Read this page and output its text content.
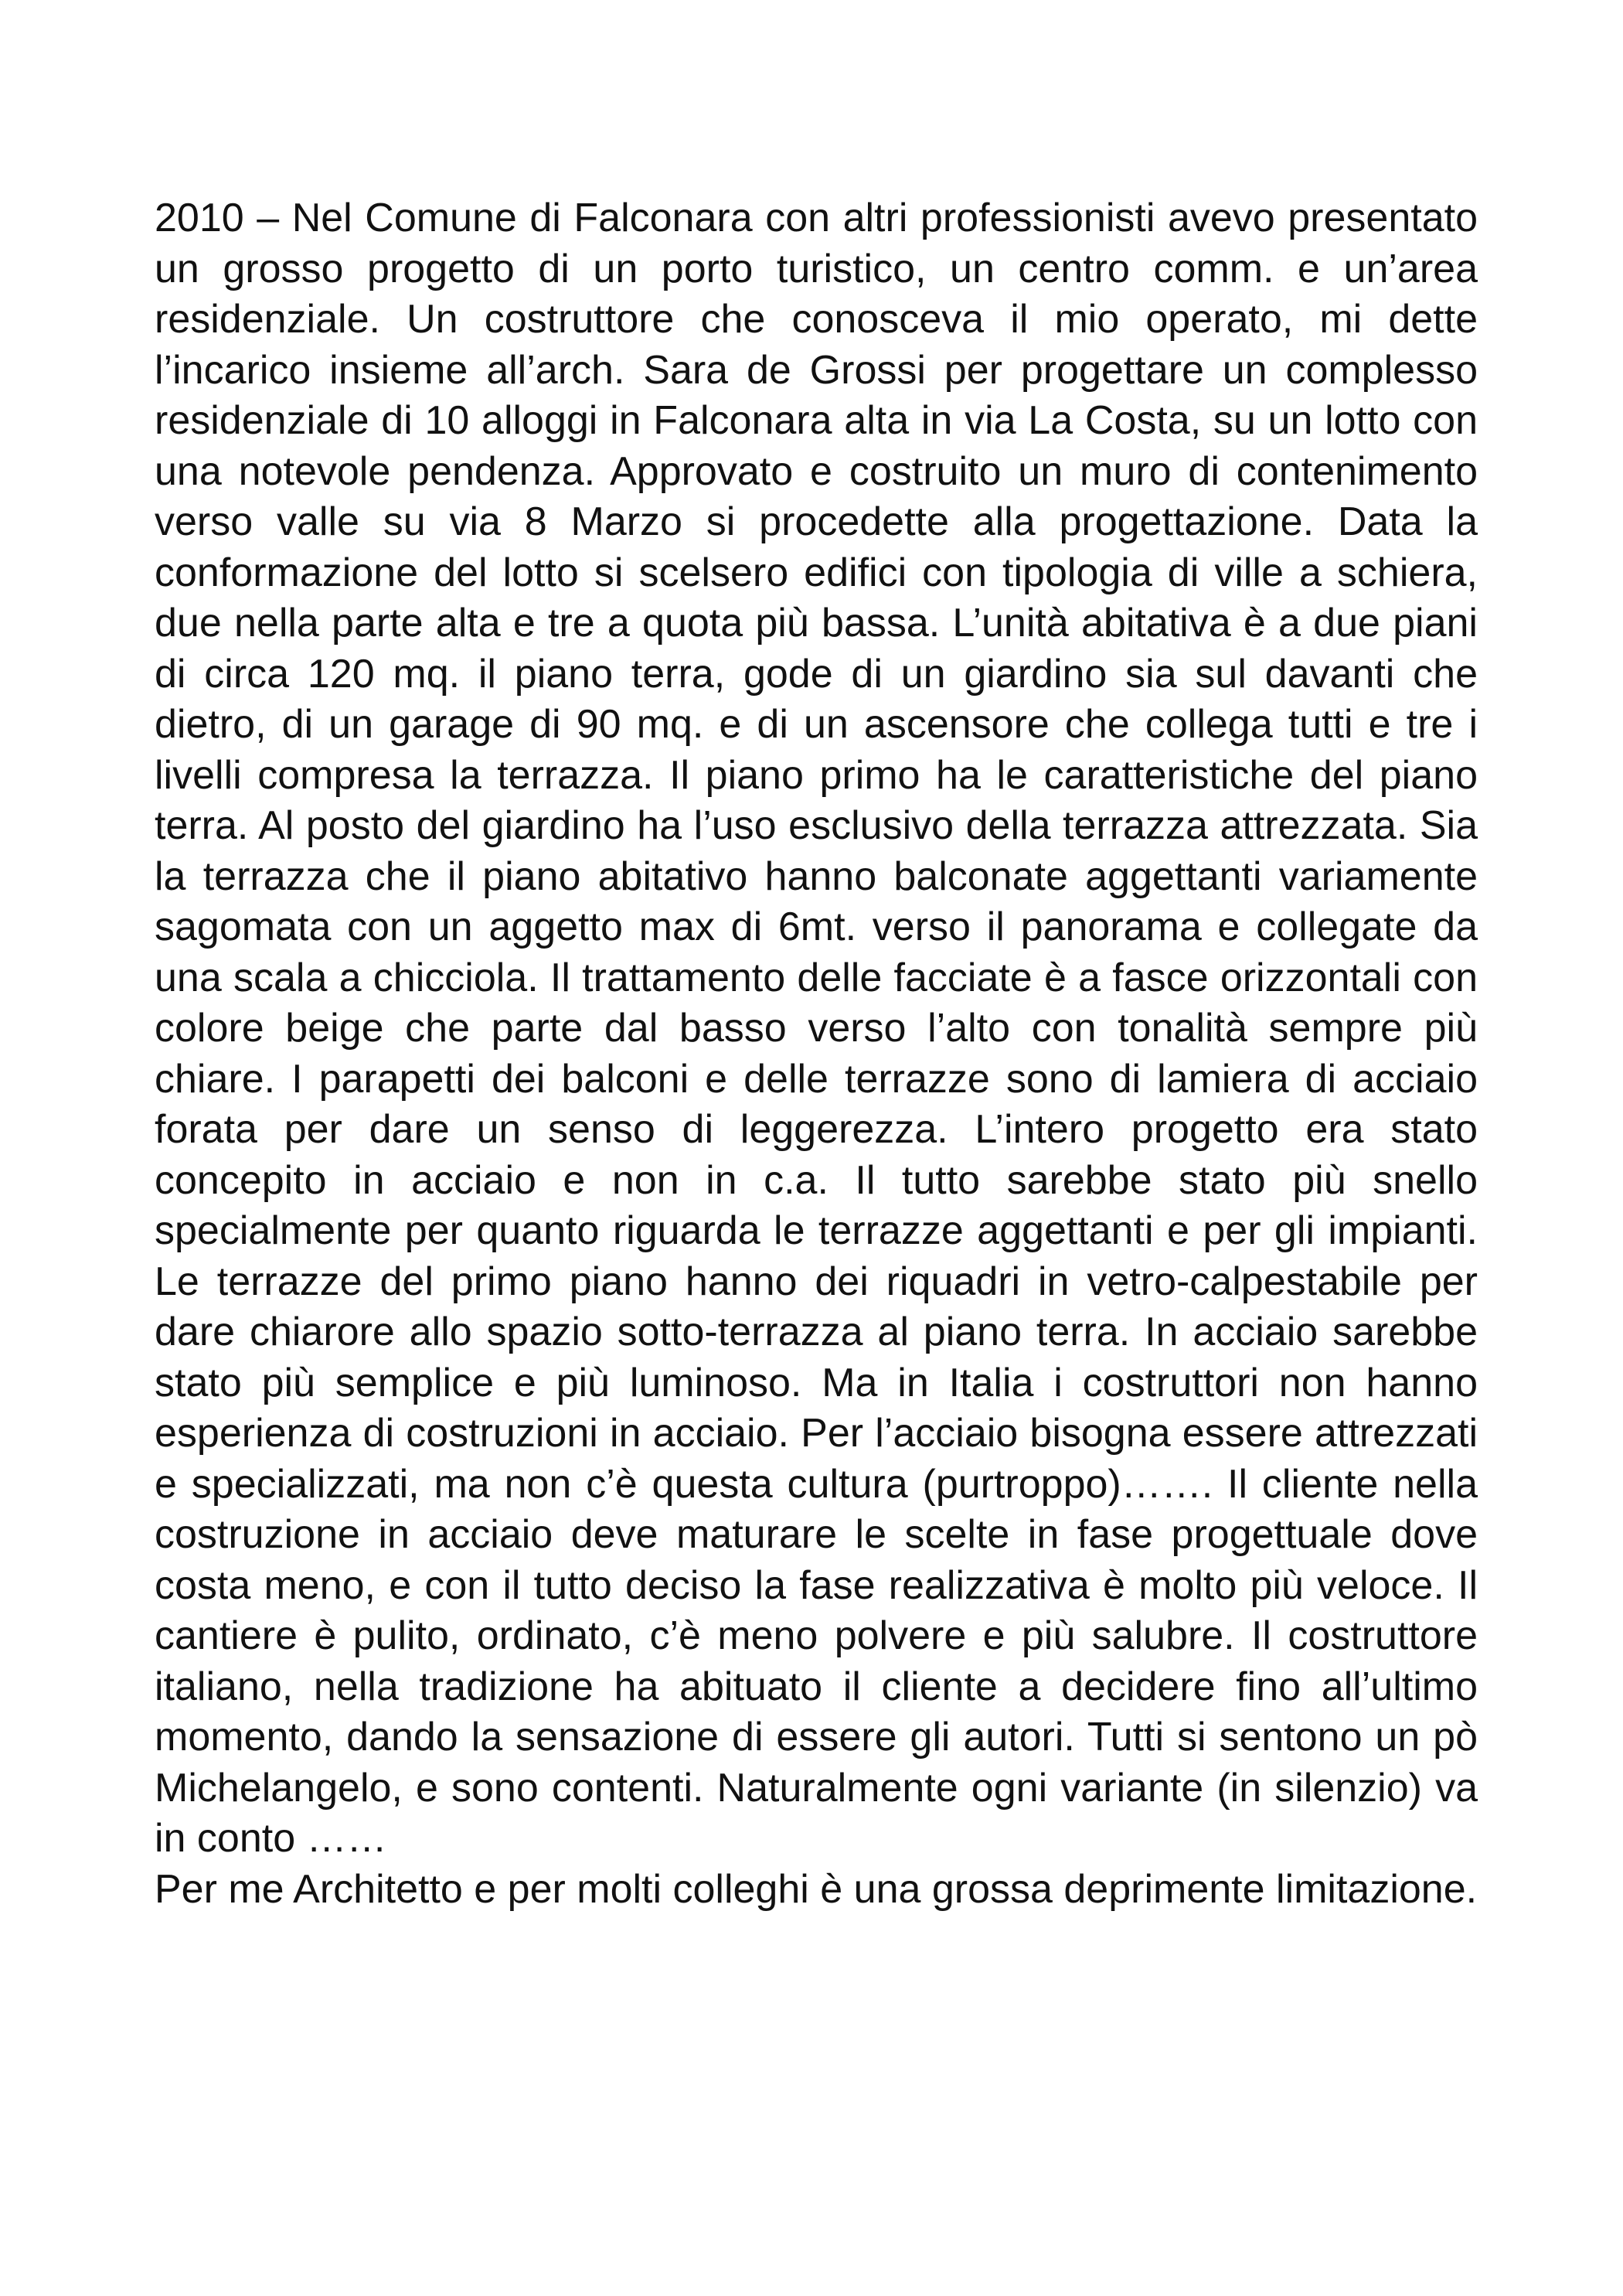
2010 – Nel Comune di Falconara con altri professionisti avevo presentato un grosso progetto di un porto turistico, un centro comm. e un’area residenziale. Un costruttore che conosceva il mio operato, mi dette l’incarico insieme all’arch. Sara de Grossi per progettare un complesso residenziale di 10 alloggi in Falconara alta in via La Costa, su un lotto con una notevole pendenza. Approvato e costruito un muro di contenimento verso valle su via 8 Marzo si procedette alla progettazione. Data la conformazione del lotto si scelsero edifici con tipologia di ville a schiera, due nella parte alta e tre a quota più bassa. L’unità abitativa è a due piani di circa 120 mq. il piano terra, gode di un giardino sia sul davanti che dietro, di un garage di 90 mq. e di un ascensore che collega tutti e tre i livelli compresa la terrazza. Il piano primo ha le caratteristiche del piano terra. Al posto del giardino ha l’uso esclusivo della terrazza attrezzata. Sia la terrazza che il piano abitativo hanno balconate aggettanti variamente sagomata con un aggetto max di 6mt. verso il panorama e collegate da una scala a chicciola. Il trattamento delle facciate è a fasce orizzontali con colore beige che parte dal basso verso l’alto con tonalità sempre più chiare. I parapetti dei balconi e delle terrazze sono di lamiera di acciaio forata per dare un senso di leggerezza. L’intero progetto era stato concepito in acciaio e non in c.a. Il tutto sarebbe stato più snello specialmente per quanto riguarda le terrazze aggettanti e per gli impianti. Le terrazze del primo piano hanno dei riquadri in vetro-calpestabile per dare chiarore allo spazio sotto-terrazza al piano terra. In acciaio sarebbe stato più semplice e più luminoso. Ma in Italia i costruttori non hanno esperienza di costruzioni in acciaio. Per l’acciaio bisogna essere attrezzati e specializzati, ma non c’è questa cultura (purtroppo)……. Il cliente nella costruzione in acciaio deve maturare le scelte in fase progettuale dove costa meno, e con il tutto deciso la fase realizzativa è molto più veloce. Il cantiere è pulito, ordinato, c’è meno polvere e più salubre. Il costruttore italiano, nella tradizione ha abituato il cliente a decidere fino all’ultimo momento, dando la sensazione di essere gli autori. Tutti si sentono un pò Michelangelo, e sono contenti. Naturalmente ogni variante (in silenzio) va in conto ……

Per me Architetto e per molti colleghi è una grossa deprimente limitazione.
